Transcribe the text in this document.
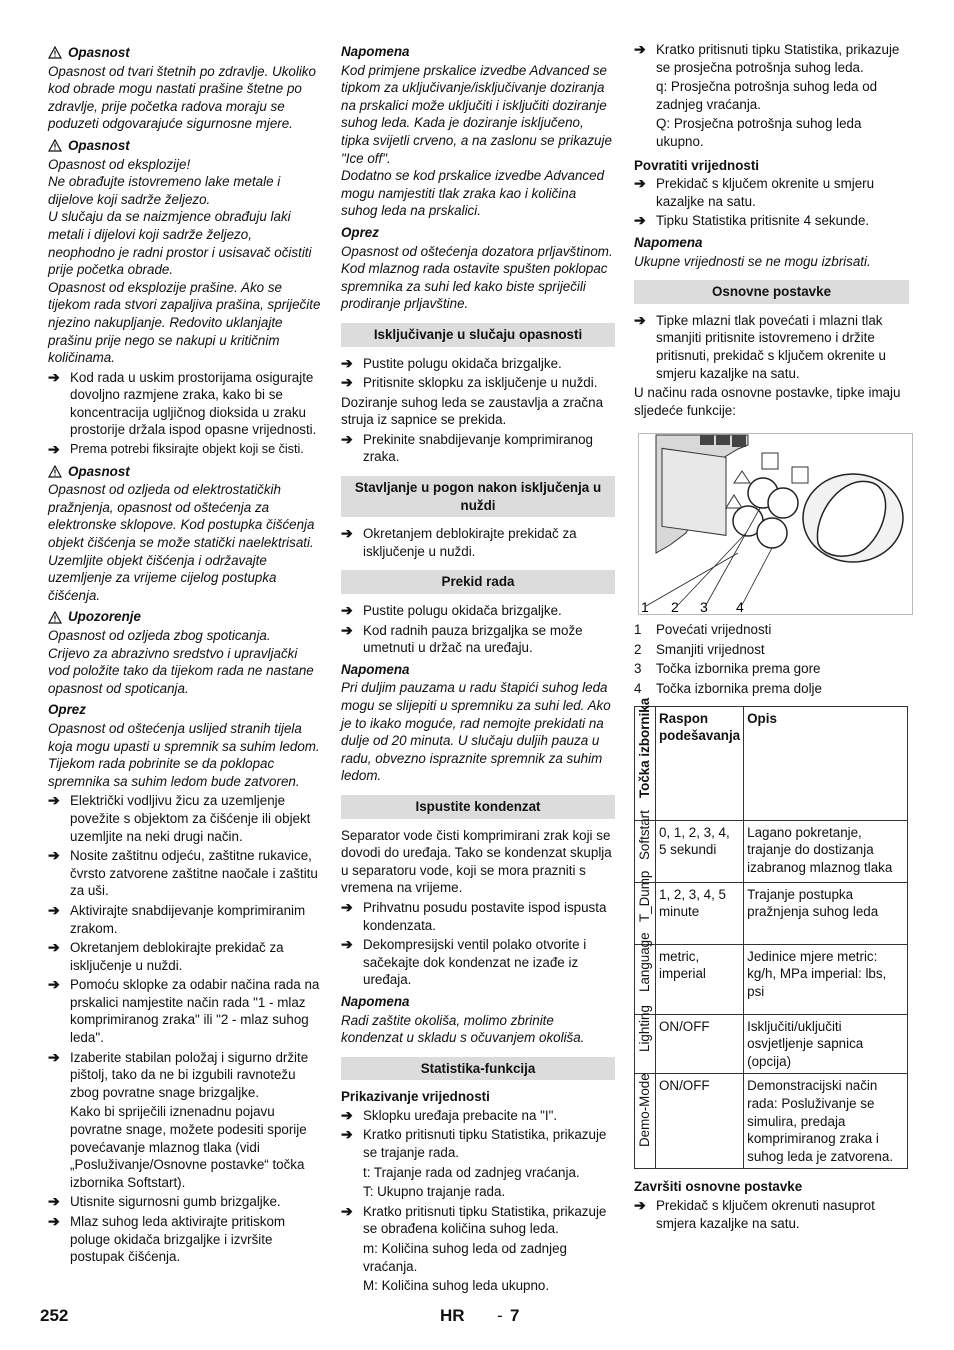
Opasnost

Opasnost od tvari štetnih po zdravlje. Ukoliko kod obrade mogu nastati prašine štetne po zdravlje, prije početka radova moraju se poduzeti odgovarajuće sigurnosne mjere.

Opasnost

Opasnost od eksplozije!

Ne obrađujte istovremeno lake metale i dijelove koji sadrže željezo.

U slučaju da se naizmjence obrađuju laki metali i dijelovi koji sadrže željezo, neophodno je radni prostor i usisavač očistiti prije početka obrade.

Opasnost od eksplozije prašine. Ako se tijekom rada stvori zapaljiva prašina, spriječite njezino nakupljanje. Redovito uklanjajte prašinu prije nego se nakupi u kritičnim količinama.

➔ Kod rada u uskim prostorijama osigurajte dovoljno razmjene zraka, kako bi se koncentracija ugljičnog dioksida u zraku prostorije držala ispod opasne vrijednosti.
➔ Prema potrebi fiksirajte objekt koji se čisti.
Opasnost

Opasnost od ozljeda od elektrostatičkih pražnjenja, opasnost od oštećenja za elektronske sklopove. Kod postupka čišćenja objekt čišćenja se može statički naelektrisati. Uzemljite objekt čišćenja i održavajte uzemljenje za vrijeme cijelog postupka čišćenja.

Upozorenje

Opasnost od ozljeda zbog spoticanja.

Crijevo za abrazivno sredstvo i upravljački vod položite tako da tijekom rada ne nastane opasnost od spoticanja.

Oprez

Opasnost od oštećenja uslijed stranih tijela koja mogu upasti u spremnik sa suhim ledom. Tijekom rada pobrinite se da poklopac spremnika sa suhim ledom bude zatvoren.

➔ Električki vodljivu žicu za uzemljenje povežite s objektom za čišćenje ili objekt uzemljite na neki drugi način.
➔ Nosite zaštitnu odjeću, zaštitne rukavice, čvrsto zatvorene zaštitne naočale i zaštitu za uši.
➔ Aktivirajte snabdijevanje komprimiranim zrakom.
➔ Okretanjem deblokirajte prekidač za isključenje u nuždi.
➔ Pomoću sklopke za odabir načina rada na prskalici namjestite način rada "1 - mlaz komprimiranog zraka" ili "2 - mlaz suhog leda".
➔ Izaberite stabilan položaj i sigurno držite pištolj, tako da ne bi izgubili ravnotežu zbog povratne snage brizgaljke.

Kako bi spriječili iznenadnu pojavu povratne snage, možete podesiti sporije povećavanje mlaznog tlaka (vidi „Posluživanje/Osnovne postavke“ točka izbornika Softstart).

➔ Utisnite sigurnosni gumb brizgaljke.
➔ Mlaz suhog leda aktivirajte pritiskom poluge okidača brizgaljke i izvršite postupak čišćenja.
Napomena

Kod primjene prskalice izvedbe Advanced se tipkom za uključivanje/isključivanje doziranja na prskalici može uključiti i isključiti doziranje suhog leda. Kada je doziranje isključeno, tipka svijetli crveno, a na zaslonu se prikazuje "Ice off".

Dodatno se kod prskalice izvedbe Advanced mogu namjestiti tlak zraka kao i količina suhog leda na prskalici.

Oprez

Opasnost od oštećenja dozatora prljavštinom. Kod mlaznog rada ostavite spušten poklopac spremnika za suhi led kako biste spriječili prodiranje prljavštine.

Isključivanje u slučaju opasnosti
➔ Pustite polugu okidača brizgaljke.
➔ Pritisnite sklopku za isključenje u nuždi.

Doziranje suhog leda se zaustavlja a zračna struja iz sapnice se prekida.

➔ Prekinite snabdijevanje komprimiranog zraka.
Stavljanje u pogon nakon isključenja u nuždi
➔ Okretanjem deblokirajte prekidač za isključenje u nuždi.
Prekid rada
➔ Pustite polugu okidača brizgaljke.
➔ Kod radnih pauza brizgaljka se može umetnuti u držač na uređaju.
Napomena

Pri duljim pauzama u radu štapići suhog leda mogu se slijepiti u spremniku za suhi led. Ako je to ikako moguće, rad nemojte prekidati na dulje od 20 minuta. U slučaju duljih pauza u radu, obvezno ispraznite spremnik za suhim ledom.

Ispustite kondenzat

Separator vode čisti komprimirani zrak koji se dovodi do uređaja. Tako se kondenzat skuplja u separatoru vode, koji se mora prazniti s vremena na vrijeme.

➔ Prihvatnu posudu postavite ispod ispusta kondenzata.
➔ Dekompresijski ventil polako otvorite i sačekajte dok kondenzat ne izađe iz uređaja.
Napomena

Radi zaštite okoliša, molimo zbrinite kondenzat u skladu s očuvanjem okoliša.

Statistika-funkcija
Prikazivanje vrijednosti
➔ Sklopku uređaja prebacite na "I".
➔ Kratko pritisnuti tipku Statistika, prikazuje se trajanje rada.

t: Trajanje rada od zadnjeg vraćanja.

T: Ukupno trajanje rada.

➔ Kratko pritisnuti tipku Statistika, prikazuje se obrađena količina suhog leda.

m: Količina suhog leda od zadnjeg vraćanja.

M: Količina suhog leda ukupno.

➔ Kratko pritisnuti tipku Statistika, prikazuje se prosječna potrošnja suhog leda.

q: Prosječna potrošnja suhog leda od zadnjeg vraćanja.

Q: Prosječna potrošnja suhog leda ukupno.

Povratiti vrijednosti
➔ Prekidač s ključem okrenite u smjeru kazaljke na satu.
➔ Tipku Statistika pritisnite 4 sekunde.
Napomena

Ukupne vrijednosti se ne mogu izbrisati.

Osnovne postavke
➔ Tipke mlazni tlak povećati i mlazni tlak smanjiti pritisnite istovremeno i držite pritisnuti, prekidač s ključem okrenite u smjeru kazaljke na satu.

U načinu rada osnovne postavke, tipke imaju sljedeće funkcije:

1 2 3 4
1	Povećati vrijednosti
2	Smanjiti vrijednost
3	Točka izbornika prema gore
4	Točka izbornika prema dolje
Točka izbornika	Raspon podešavanja	Opis

Softstart	0, 1, 2, 3, 4, 5 sekundi	Lagano pokretanje, trajanje do dostizanja izabranog mlaznog tlaka

T_Dump	1, 2, 3, 4, 5 minute	Trajanje postupka pražnjenja suhog leda

Language	metric, imperial	Jedinice mjere metric: kg/h, MPa imperial: lbs, psi

Lighting	ON/OFF	Isključiti/uključiti osvjetljenje sapnica (opcija)

Demo-Mode	ON/OFF	Demonstracijski način rada: Posluživanje se simulira, predaja komprimiranog zraka i suhog leda je zatvorena.
Završiti osnovne postavke
➔ Prekidač s ključem okrenuti nasuprot smjera kazaljke na satu.
252	HR - 7
